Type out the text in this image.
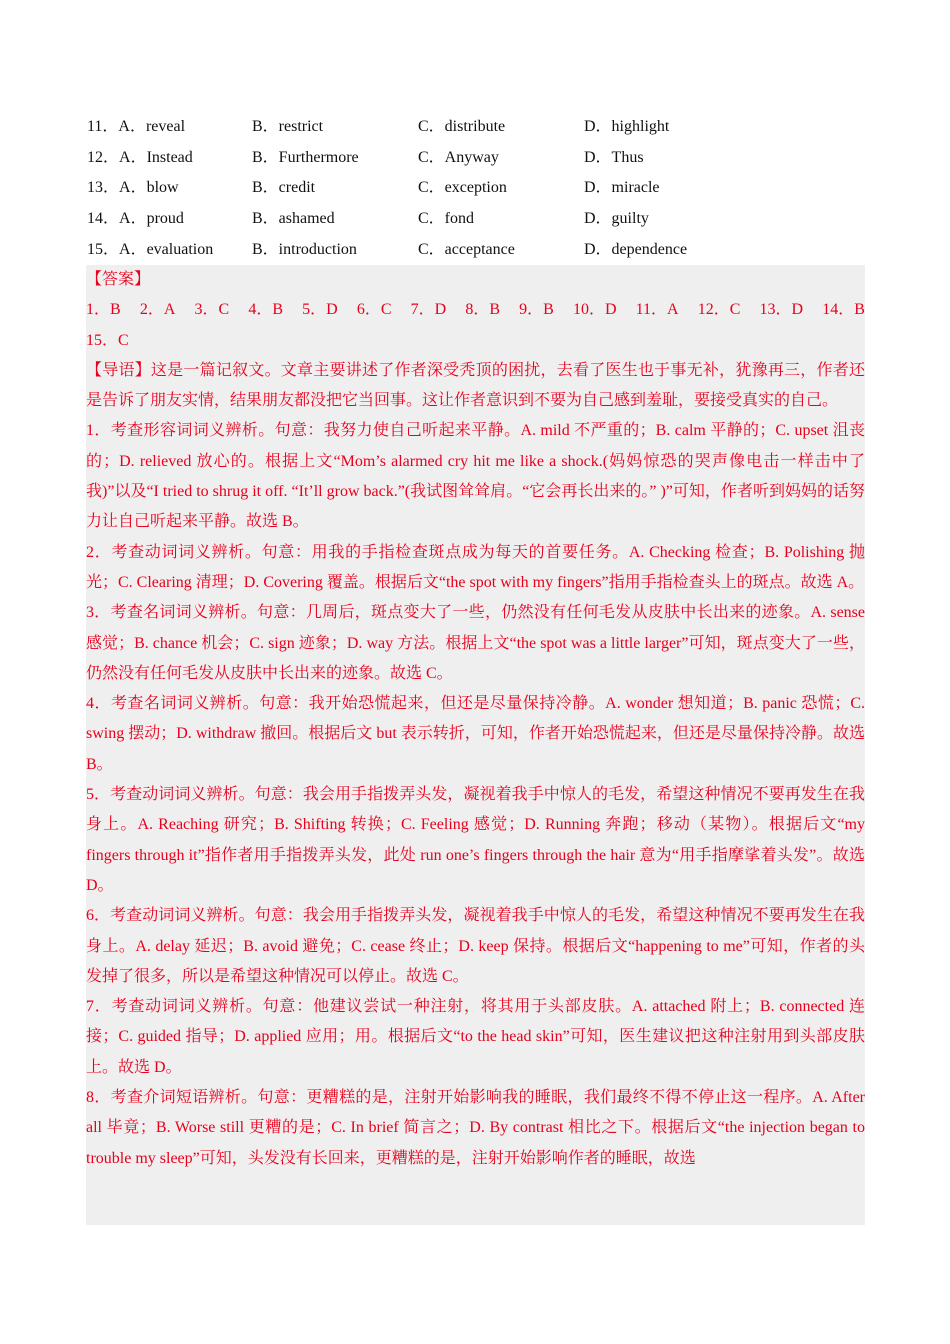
11．A．reveal	B．restrict	C．distribute	D．highlight
12．A．Instead	B．Furthermore	C．Anyway	D．Thus
13．A．blow	B．credit	C．exception	D．miracle
14．A．proud	B．ashamed	C．fond	D．guilty
15．A．evaluation	B．introduction	C．acceptance	D．dependence
【答案】
1．B 2．A 3．C 4．B 5．D 6．C 7．D 8．B 9．B 10．D 11．A 12．C 13．D 14．B

15．C

【导语】这是一篇记叙文。文章主要讲述了作者深受秃顶的困扰，去看了医生也于事无补，犹豫再三，作者还是告诉了朋友实情，结果朋友都没把它当回事。这让作者意识到不要为自己感到羞耻，要接受真实的自己。

1．考查形容词词义辨析。句意：我努力使自己听起来平静。A. mild 不严重的；B. calm 平静的；C. upset 沮丧的；D. relieved 放心的。根据上文“Mom’s alarmed cry hit me like a shock.(妈妈惊恐的哭声像电击一样击中了我)”以及“I tried to shrug it off. “It’ll grow back.”(我试图耸耸肩。“它会再长出来的。” )”可知，作者听到妈妈的话努力让自己听起来平静。故选 B。

2．考查动词词义辨析。句意：用我的手指检查斑点成为每天的首要任务。A. Checking 检查；B. Polishing 抛光；C. Clearing 清理；D. Covering 覆盖。根据后文“the spot with my fingers”指用手指检查头上的斑点。故选 A。

3．考查名词词义辨析。句意：几周后，斑点变大了一些，仍然没有任何毛发从皮肤中长出来的迹象。A. sense 感觉；B. chance 机会；C. sign 迹象；D. way 方法。根据上文“the spot was a little larger”可知，斑点变大了一些，仍然没有任何毛发从皮肤中长出来的迹象。故选 C。

4．考查名词词义辨析。句意：我开始恐慌起来，但还是尽量保持冷静。A. wonder 想知道；B. panic 恐慌；C. swing 摆动；D. withdraw 撤回。根据后文 but 表示转折，可知，作者开始恐慌起来，但还是尽量保持冷静。故选 B。

5．考查动词词义辨析。句意：我会用手指拨弄头发，凝视着我手中惊人的毛发，希望这种情况不要再发生在我身上。A. Reaching 研究；B. Shifting 转换；C. Feeling 感觉；D. Running 奔跑；移动（某物）。根据后文“my fingers through it”指作者用手指拨弄头发，此处 run one’s fingers through the hair 意为“用手指摩挲着头发”。故选 D。

6．考查动词词义辨析。句意：我会用手指拨弄头发，凝视着我手中惊人的毛发，希望这种情况不要再发生在我身上。A. delay 延迟；B. avoid 避免；C. cease 终止；D. keep 保持。根据后文“happening to me”可知，作者的头发掉了很多，所以是希望这种情况可以停止。故选 C。

7．考查动词词义辨析。句意：他建议尝试一种注射，将其用于头部皮肤。A. attached 附上；B. connected 连接；C. guided 指导；D. applied 应用；用。根据后文“to the head skin”可知，医生建议把这种注射用到头部皮肤上。故选 D。

8．考查介词短语辨析。句意：更糟糕的是，注射开始影响我的睡眠，我们最终不得不停止这一程序。A. After all 毕竟；B. Worse still 更糟的是；C. In brief 简言之；D. By contrast 相比之下。根据后文“the injection began to trouble my sleep”可知，头发没有长回来，更糟糕的是，注射开始影响作者的睡眠，故选
